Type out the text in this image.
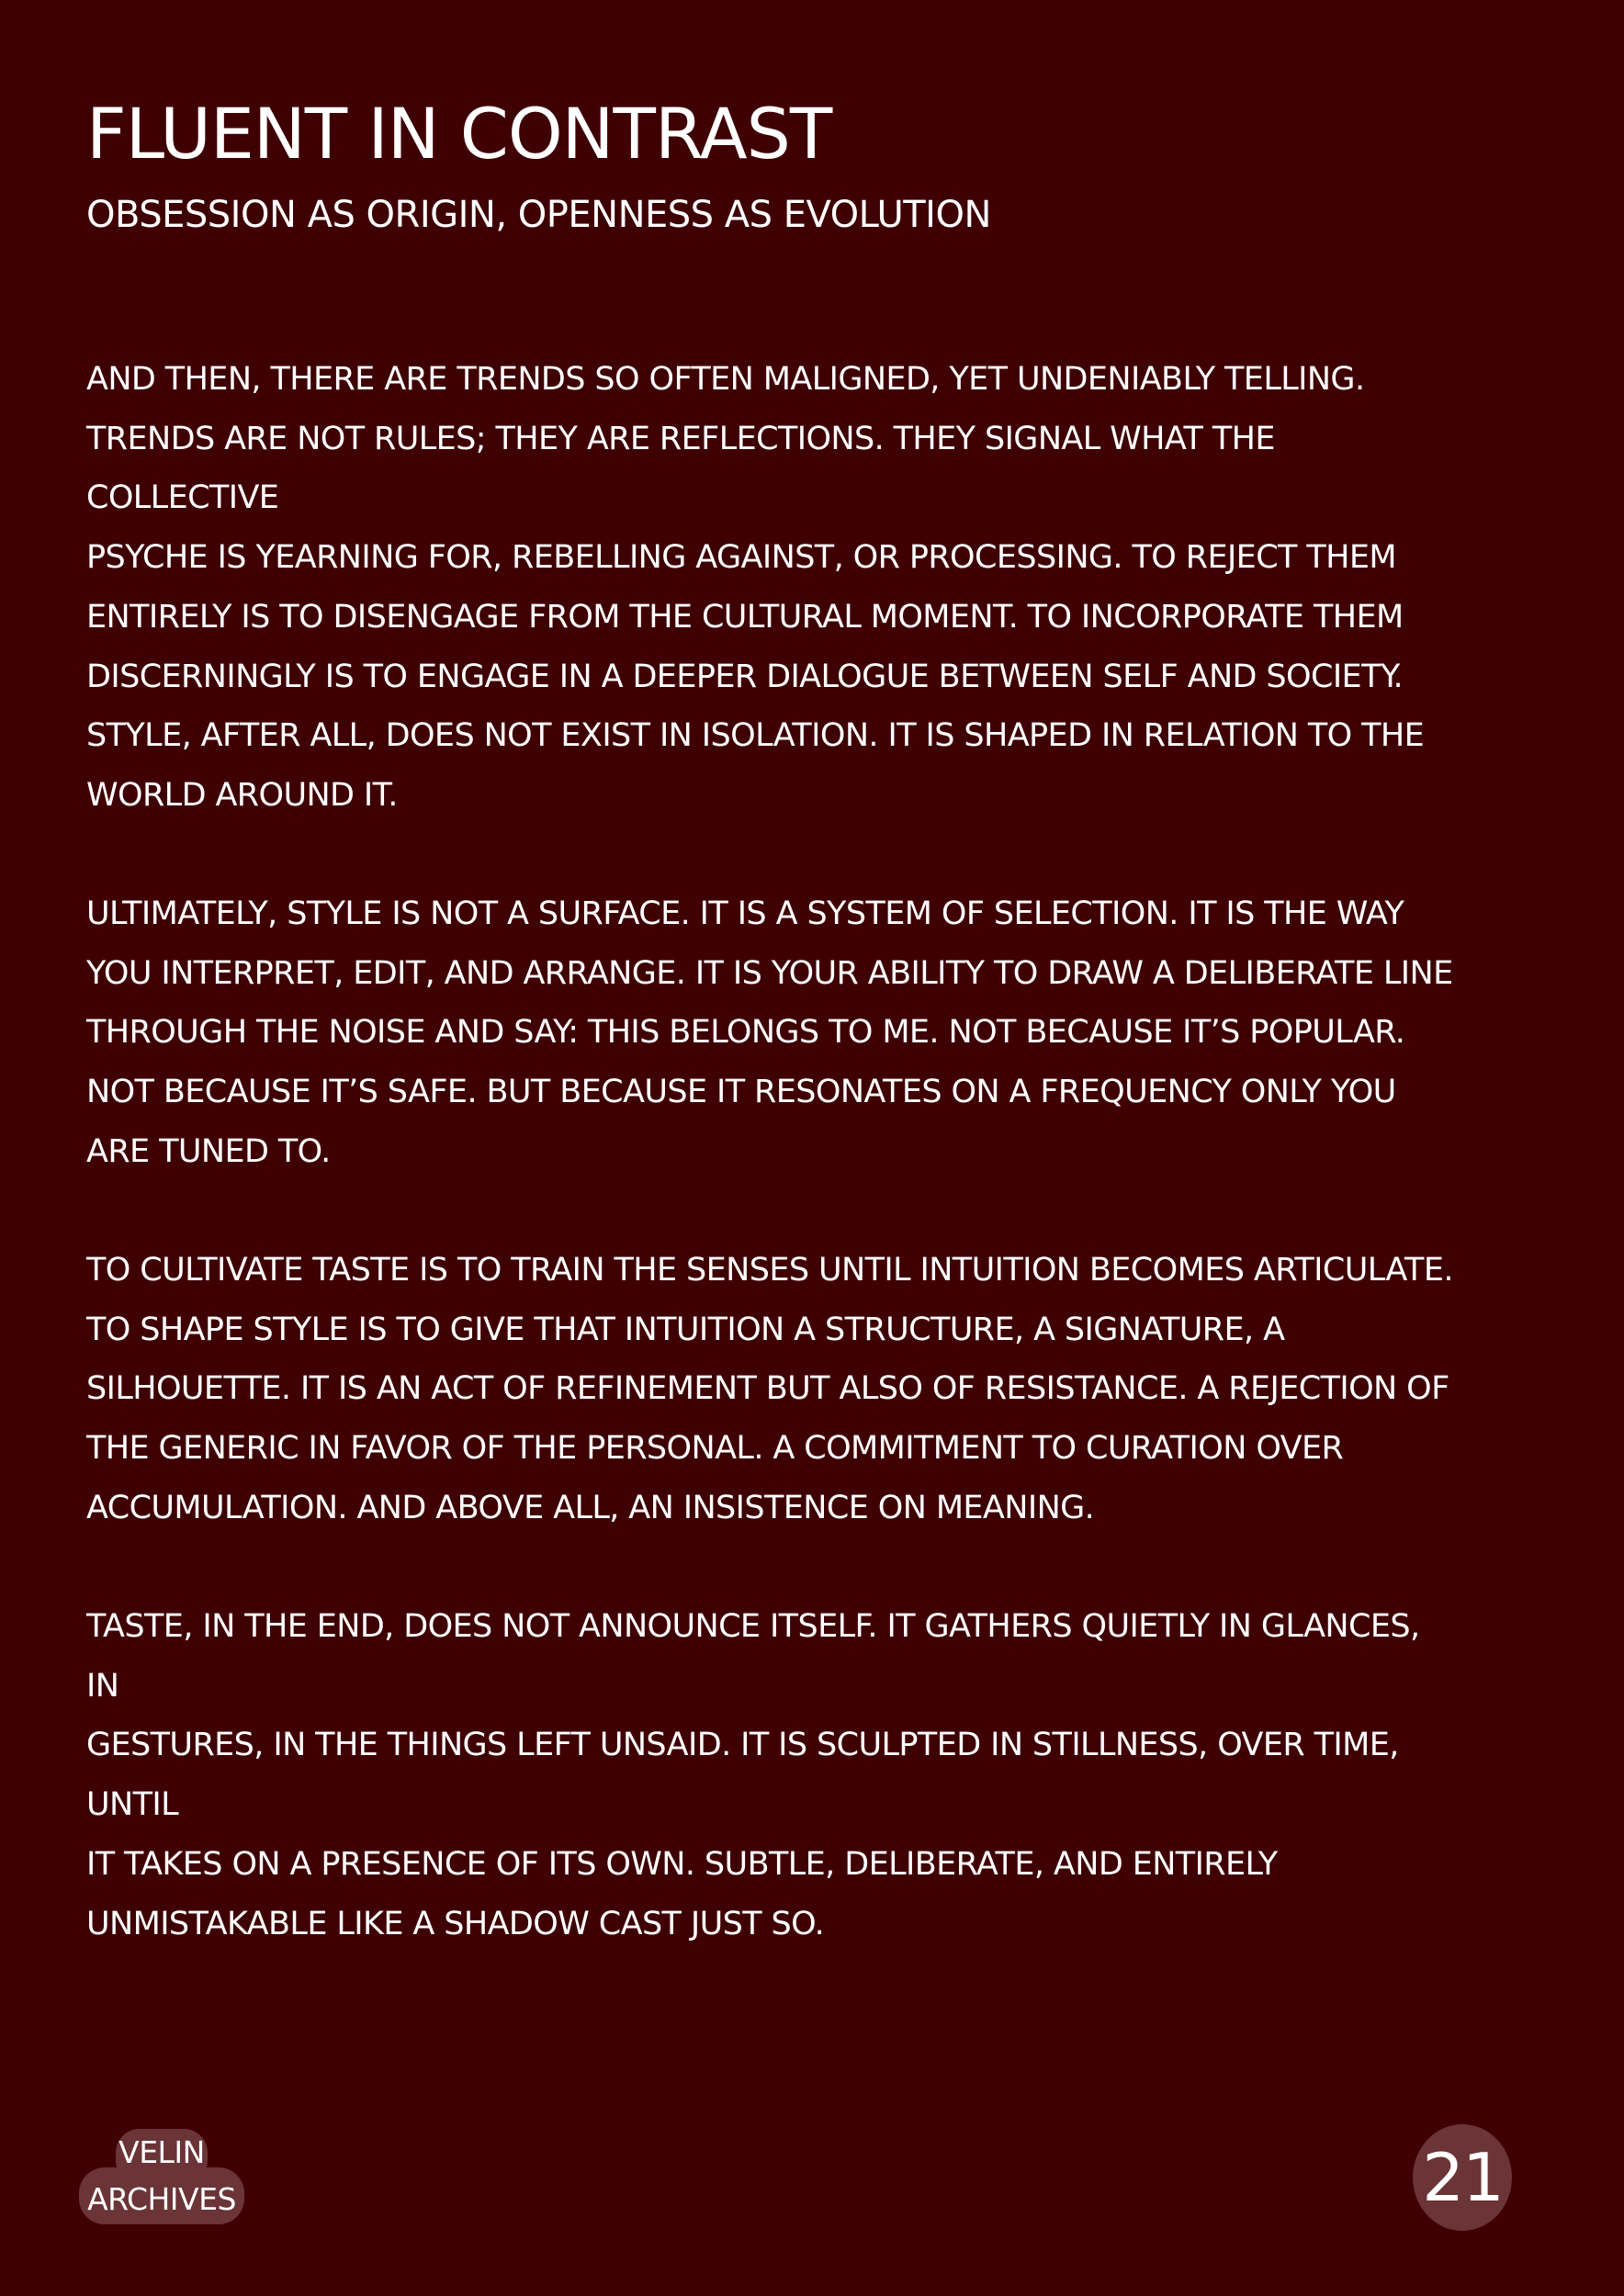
FLUENT IN CONTRAST
OBSESSION AS ORIGIN, OPENNESS AS EVOLUTION

AND THEN, THERE ARE TRENDS SO OFTEN MALIGNED, YET UNDENIABLY TELLING.
TRENDS ARE NOT RULES; THEY ARE REFLECTIONS. THEY SIGNAL WHAT THE COLLECTIVE
PSYCHE IS YEARNING FOR, REBELLING AGAINST, OR PROCESSING. TO REJECT THEM
ENTIRELY IS TO DISENGAGE FROM THE CULTURAL MOMENT. TO INCORPORATE THEM
DISCERNINGLY IS TO ENGAGE IN A DEEPER DIALOGUE BETWEEN SELF AND SOCIETY.
STYLE, AFTER ALL, DOES NOT EXIST IN ISOLATION. IT IS SHAPED IN RELATION TO THE
WORLD AROUND IT.

ULTIMATELY, STYLE IS NOT A SURFACE. IT IS A SYSTEM OF SELECTION. IT IS THE WAY
YOU INTERPRET, EDIT, AND ARRANGE. IT IS YOUR ABILITY TO DRAW A DELIBERATE LINE
THROUGH THE NOISE AND SAY: THIS BELONGS TO ME. NOT BECAUSE IT’S POPULAR.
NOT BECAUSE IT’S SAFE. BUT BECAUSE IT RESONATES ON A FREQUENCY ONLY YOU
ARE TUNED TO.

TO CULTIVATE TASTE IS TO TRAIN THE SENSES UNTIL INTUITION BECOMES ARTICULATE.
TO SHAPE STYLE IS TO GIVE THAT INTUITION A STRUCTURE, A SIGNATURE, A
SILHOUETTE. IT IS AN ACT OF REFINEMENT BUT ALSO OF RESISTANCE. A REJECTION OF
THE GENERIC IN FAVOR OF THE PERSONAL. A COMMITMENT TO CURATION OVER
ACCUMULATION. AND ABOVE ALL, AN INSISTENCE ON MEANING.

TASTE, IN THE END, DOES NOT ANNOUNCE ITSELF. IT GATHERS QUIETLY IN GLANCES, IN
GESTURES, IN THE THINGS LEFT UNSAID. IT IS SCULPTED IN STILLNESS, OVER TIME, UNTIL
IT TAKES ON A PRESENCE OF ITS OWN. SUBTLE, DELIBERATE, AND ENTIRELY
UNMISTAKABLE LIKE A SHADOW CAST JUST SO.

VELIN
ARCHIVES	21
